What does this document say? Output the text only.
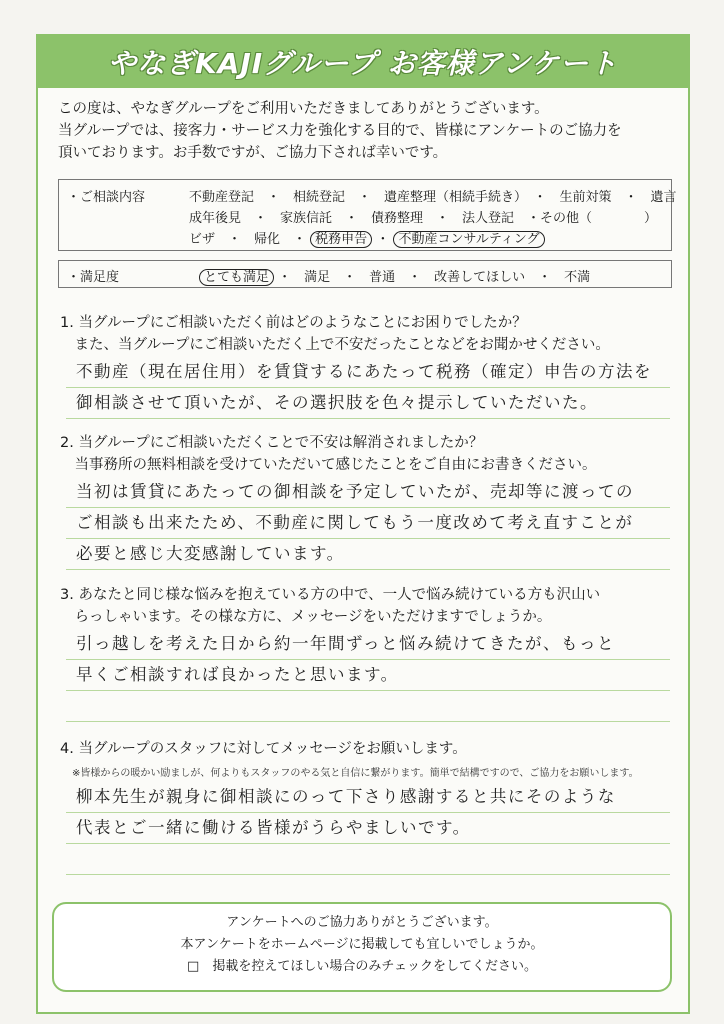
やなぎKAJIグループ お客様アンケート
この度は、やなぎグループをご利用いただきましてありがとうございます。
当グループでは、接客力・サービス力を強化する目的で、皆様にアンケートのご協力を
頂いております。お手数ですが、ご協力下されば幸いです。
・ご相談内容	不動産登記　・　相続登記　・　遺産整理（相続手続き）　・　生前対策　・　遺言
成年後見　・　家族信託　・　債務整理　・　法人登記　・その他（　　　　）
ビザ　・　帰化　・ 税務申告 ・ 不動産コンサルティング
・満足度	とても満足 ・　満足　・　普通　・　改善してほしい　・　不満
1. 当グループにご相談いただく前はどのようなことにお困りでしたか？
　また、当グループにご相談いただく上で不安だったことなどをお聞かせください。
不動産（現在居住用）を賃貸するにあたって税務（確定）申告の方法を
御相談させて頂いたが、その選択肢を色々提示していただいた。
2. 当グループにご相談いただくことで不安は解消されましたか？
　当事務所の無料相談を受けていただいて感じたことをご自由にお書きください。
当初は賃貸にあたっての御相談を予定していたが、売却等に渡っての
ご相談も出来たため、不動産に関してもう一度改めて考え直すことが
必要と感じ大変感謝しています。
3. あなたと同じ様な悩みを抱えている方の中で、一人で悩み続けている方も沢山い
　らっしゃいます。その様な方に、メッセージをいただけますでしょうか。
引っ越しを考えた日から約一年間ずっと悩み続けてきたが、もっと
早くご相談すれば良かったと思います。
4. 当グループのスタッフに対してメッセージをお願いします。
※皆様からの暖かい励ましが、何よりもスタッフのやる気と自信に繋がります。簡単で結構ですので、ご協力をお願いします。
柳本先生が親身に御相談にのって下さり感謝すると共にそのような
代表とご一緒に働ける皆様がうらやましいです。
アンケートへのご協力ありがとうございます。
本アンケートをホームページに掲載しても宜しいでしょうか。
□　掲載を控えてほしい場合のみチェックをしてください。
